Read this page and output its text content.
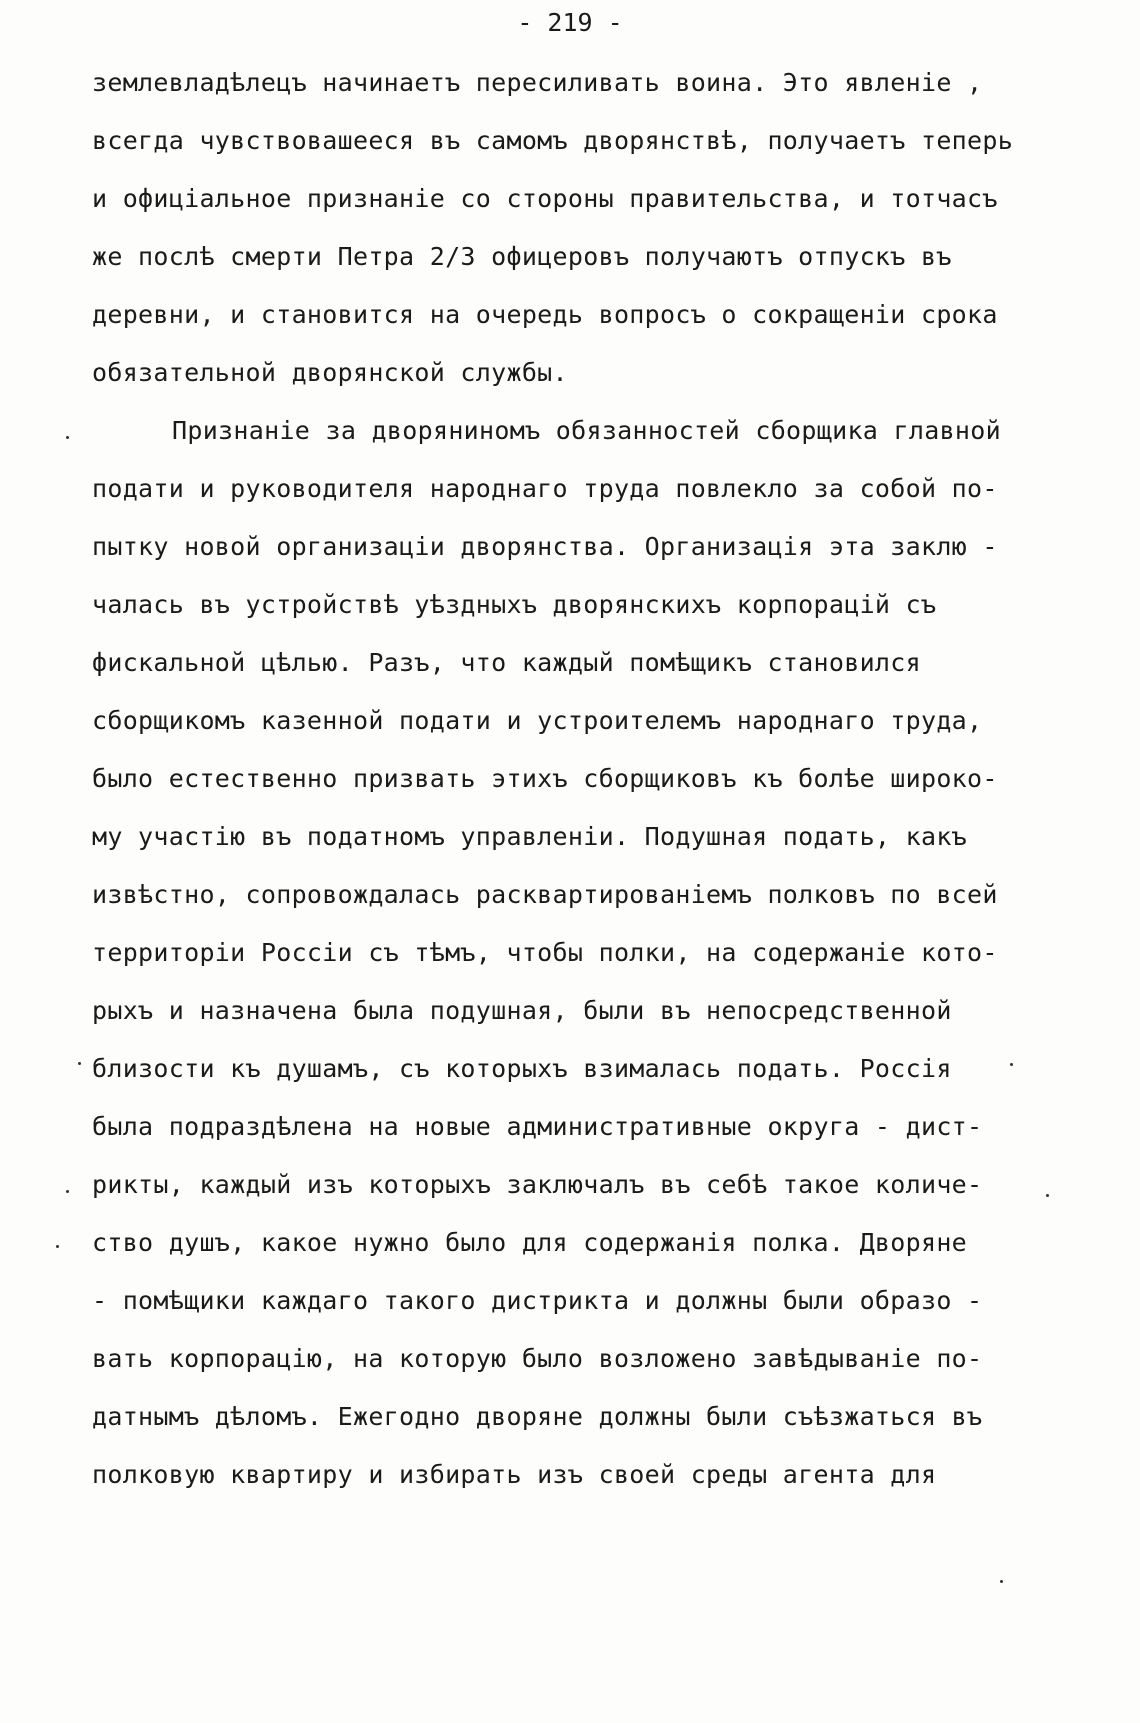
- 219 -
землевладѣлецъ начинаетъ пересиливать воина. Это явленіе ,
всегда чувствовашееся въ самомъ дворянствѣ, получаетъ теперь
и офиціальное признаніе со стороны правительства, и тотчасъ
же послѣ смерти Петра 2/3 офицеровъ получаютъ отпускъ въ
деревни, и становится на очередь вопросъ о сокращеніи срока
обязательной дворянской службы.
Признаніе за дворяниномъ обязанностей сборщика главной
подати и руководителя народнаго труда повлекло за собой по-
пытку новой организаціи дворянства. Организація эта заклю -
чалась въ устройствѣ уѣздныхъ дворянскихъ корпорацій съ
фискальной цѣлью. Разъ, что каждый помѣщикъ становился
сборщикомъ казенной подати и устроителемъ народнаго труда,
было естественно призвать этихъ сборщиковъ къ болѣе широко-
му участію въ податномъ управленіи. Подушная подать, какъ
извѣстно, сопровождалась расквартированіемъ полковъ по всей
территоріи Россіи съ тѣмъ, чтобы полки, на содержаніе кото-
рыхъ и назначена была подушная, были въ непосредственной
близости къ душамъ, съ которыхъ взималась подать. Россія
была подраздѣлена на новые административные округа - дист-
рикты, каждый изъ которыхъ заключалъ въ себѣ такое количе-
ство душъ, какое нужно было для содержанія полка. Дворяне
- помѣщики каждаго такого дистрикта и должны были образо -
вать корпорацію, на которую было возложено завѣдываніе по-
датнымъ дѣломъ. Ежегодно дворяне должны были съѣзжаться въ
полковую квартиру и избирать изъ своей среды агента для
